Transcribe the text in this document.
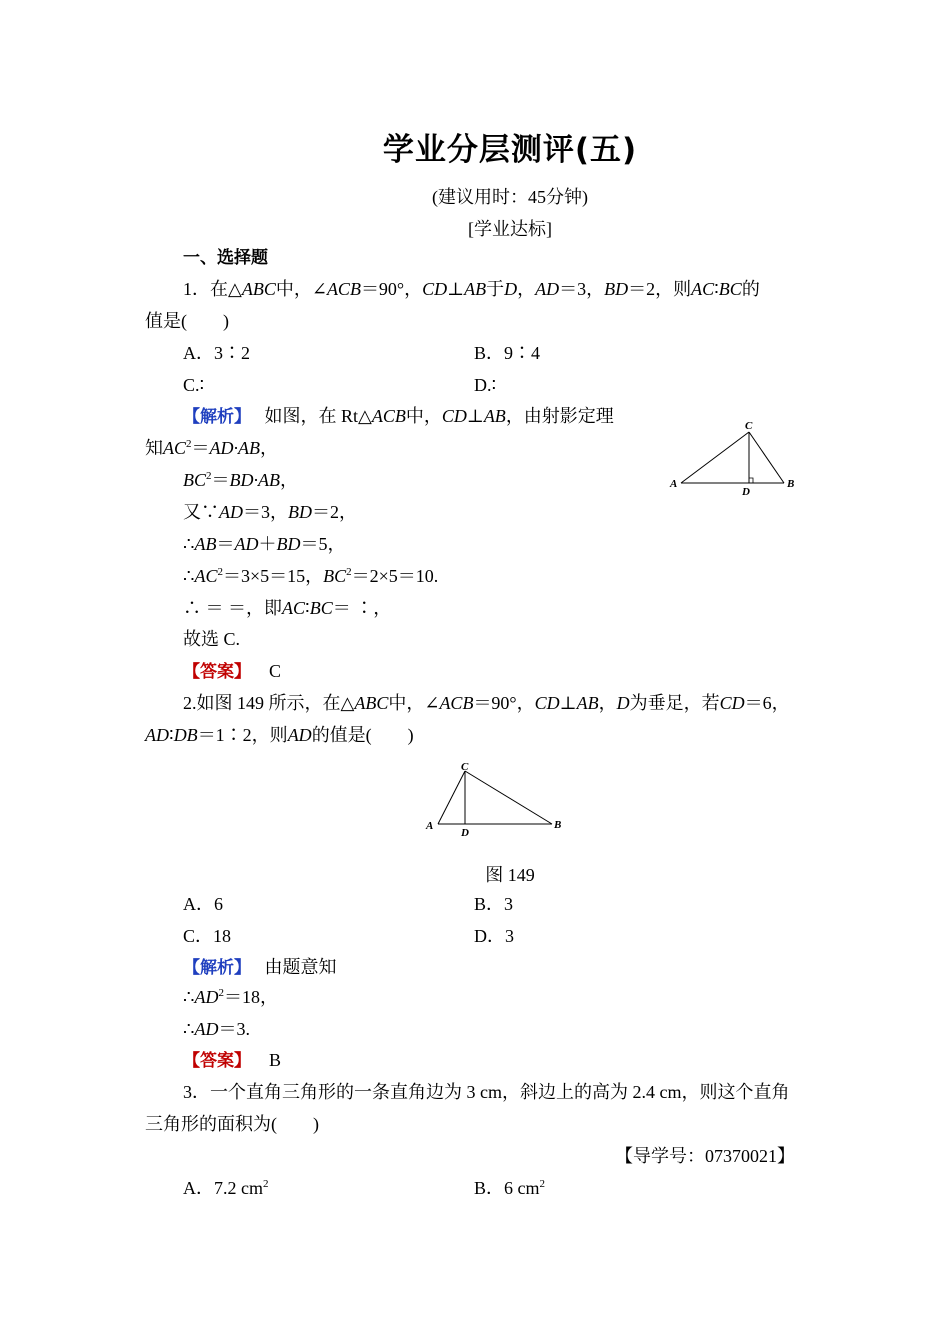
学业分层测评(五)
(建议用时：45分钟)
[学业达标]
一、选择题
1．在△ABC中，∠ACB＝90°，CD⊥AB于D，AD＝3，BD＝2，则AC∶BC的
值是(　　)
A．3∶2	B．9∶4
C.∶	D.∶
【解析】 如图，在 Rt△ACB中，CD⊥AB，由射影定理
知$AC^2=AD\cdot AB$，
$BC^2=BD\cdot AB$，
又∵AD＝3，BD＝2，
∴AB＝AD＋BD＝5，
$\therefore AC^2=3\times 5=15$，$BC^2=2\times 5=10$.
∴ ＝ ＝，即AC∶BC＝ ∶，
故选 C.
【答案】 C
C
A	B
D
2.如图 149 所示，在△ABC中，∠ACB＝90°，CD⊥AB，D为垂足，若CD＝6，
AD∶DB＝1∶2，则AD的值是(　　)
C
A	B
D
图 149
A．6	B．3
C．18	D．3
【解析】 由题意知
$\therefore AD^2=18$，
∴AD＝3.
【答案】 B
3．一个直角三角形的一条直角边为 3 cm，斜边上的高为 2.4 cm，则这个直角
三角形的面积为(　　)
【导学号：07370021】
A．7.2 $cm^2$	B．6 $cm^2$
